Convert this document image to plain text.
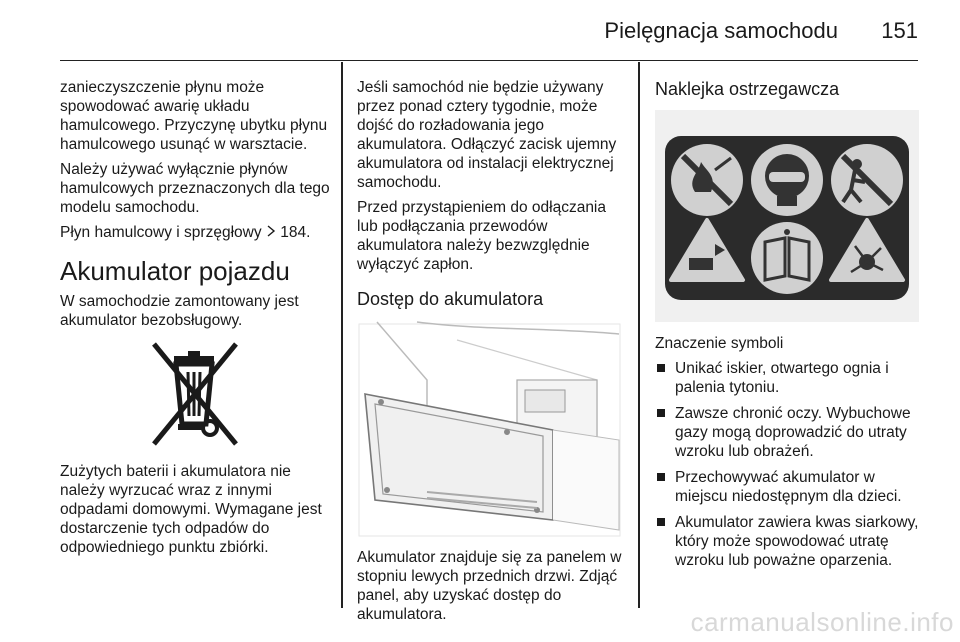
Pielęgnacja samochodu 151

zanieczyszczenie płynu może spowodować awarię układu hamulcowego. Przyczynę ubytku płynu hamulcowego usunąć w warsztacie.

Należy używać wyłącznie płynów hamulcowych przeznaczonych dla tego modelu samochodu.

Płyn hamulcowy i sprzęgłowy  184.

Akumulator pojazdu

W samochodzie zamontowany jest akumulator bezobsługowy.

Zużytych baterii i akumulatora nie należy wyrzucać wraz z innymi odpadami domowymi. Wymagane jest dostarczenie tych odpadów do odpowiedniego punktu zbiórki.

Jeśli samochód nie będzie używany przez ponad cztery tygodnie, może dojść do rozładowania jego akumulatora. Odłączyć zacisk ujemny akumulatora od instalacji elektrycznej samochodu.

Przed przystąpieniem do odłączania lub podłączania przewodów akumulatora należy bezwzględnie wyłączyć zapłon.

Dostęp do akumulatora

Akumulator znajduje się za panelem w stopniu lewych przednich drzwi. Zdjąć panel, aby uzyskać dostęp do akumulatora.

Naklejka ostrzegawcza

Znaczenie symboli

Unikać iskier, otwartego ognia i palenia tytoniu.
Zawsze chronić oczy. Wybuchowe gazy mogą doprowadzić do utraty wzroku lub obrażeń.
Przechowywać akumulator w miejscu niedostępnym dla dzieci.
Akumulator zawiera kwas siarkowy, który może spowodować utratę wzroku lub poważne oparzenia.
carmanualsonline.info
